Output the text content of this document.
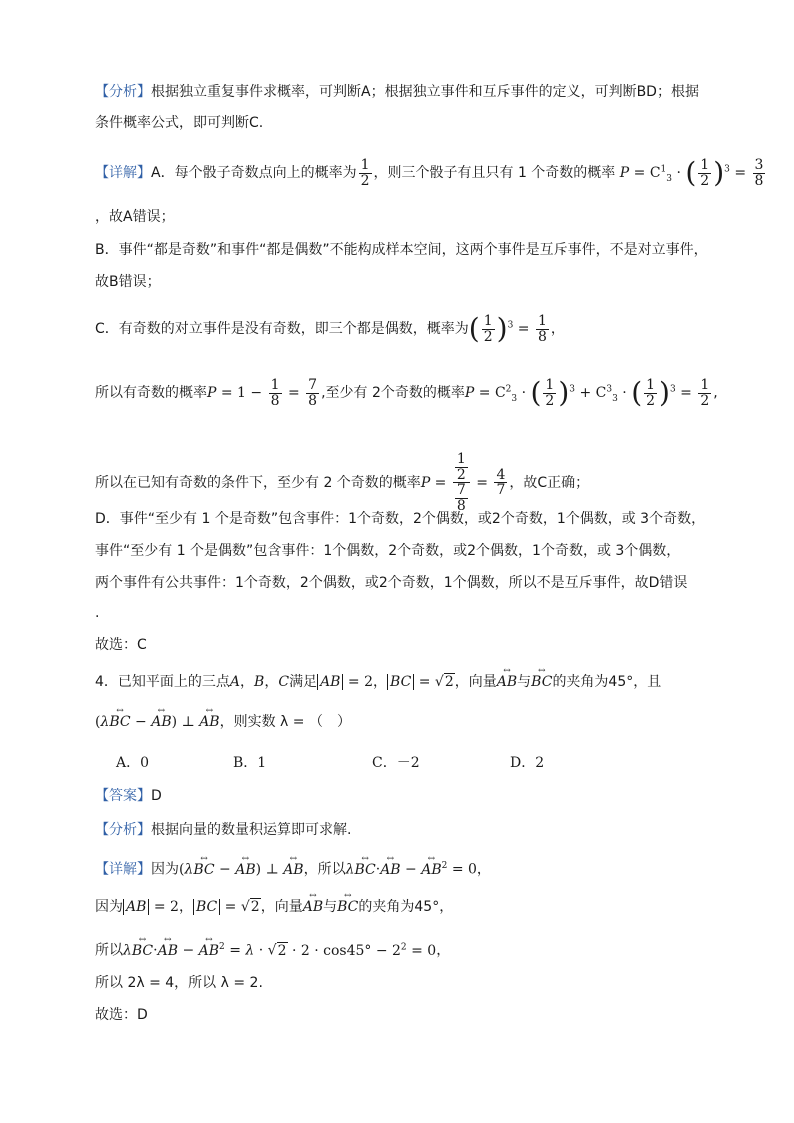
【分析】根据独立重复事件求概率，可判断A；根据独立事件和互斥事件的定义，可判断BD；根据
条件概率公式，即可判断C.
【详解】A．每个骰子奇数点向上的概率为 $\frac{1}{2}$ ，则三个骰子有且只有 1 个奇数的概率 $P = C^1_3$ · ( $\frac{1}{2} )^3 = \frac{3}{8}$
，故A错误；
B．事件“都是奇数”和事件“都是偶数”不能构成样本空间，这两个事件是互斥事件，不是对立事件，
故B错误；
C．有奇数的对立事件是没有奇数，即三个都是偶数，概率为( $\frac{1}{2} )^3 = \frac{1}{8}$ ，
所以有奇数的概率$P = 1 - \frac{1}{8} = \frac{7}{8}$ ,至少有 2个奇数的概率$P = C^2_3$ · ( $\frac{1}{2} )^3 + C^3_3$ · ( $\frac{1}{2} )^3 = \frac{1}{2}$ ,
所以在已知有奇数的条件下，至少有 2 个奇数的概率$P = \frac{\frac{1}{2}}{\frac{7}{8}} = \frac{4}{7}$ ，故C正确；
D．事件“至少有 1 个是奇数”包含事件：1个奇数，2个偶数，或2个奇数，1个偶数，或 3个奇数，
事件“至少有 1 个是偶数”包含事件：1个偶数，2个奇数，或2个偶数，1个奇数，或 3个偶数，
两个事件有公共事件：1个奇数，2个偶数，或2个奇数，1个偶数，所以不是互斥事件，故D错误
.
故选：C
4．已知平面上的三点A，B，C满足 AB = 2， BC = √2，向量↔ AB与↔ BC的夹角为45°，且
(λ↔ BC − ↔ AB) ⊥ ↔ AB，则实数 λ = （　）
A．0	B．1	C．－2	D．2
【答案】D
【分析】根据向量的数量积运算即可求解.
【详解】因为(λ↔ BC − ↔ AB) ⊥ ↔ AB，所以λ↔ BC·↔ AB − ↔ $AB^2 = 0$，
因为 AB = 2， BC = √2，向量↔ AB与↔ BC的夹角为45°，
所以λ↔ BC·↔ AB − ↔ $AB^2 = \lambda \cdot √2 \cdot 2 \cdot \cos 45^\circ - 2^2 = 0$，
所以 2λ = 4，所以 λ = 2.
故选：D
